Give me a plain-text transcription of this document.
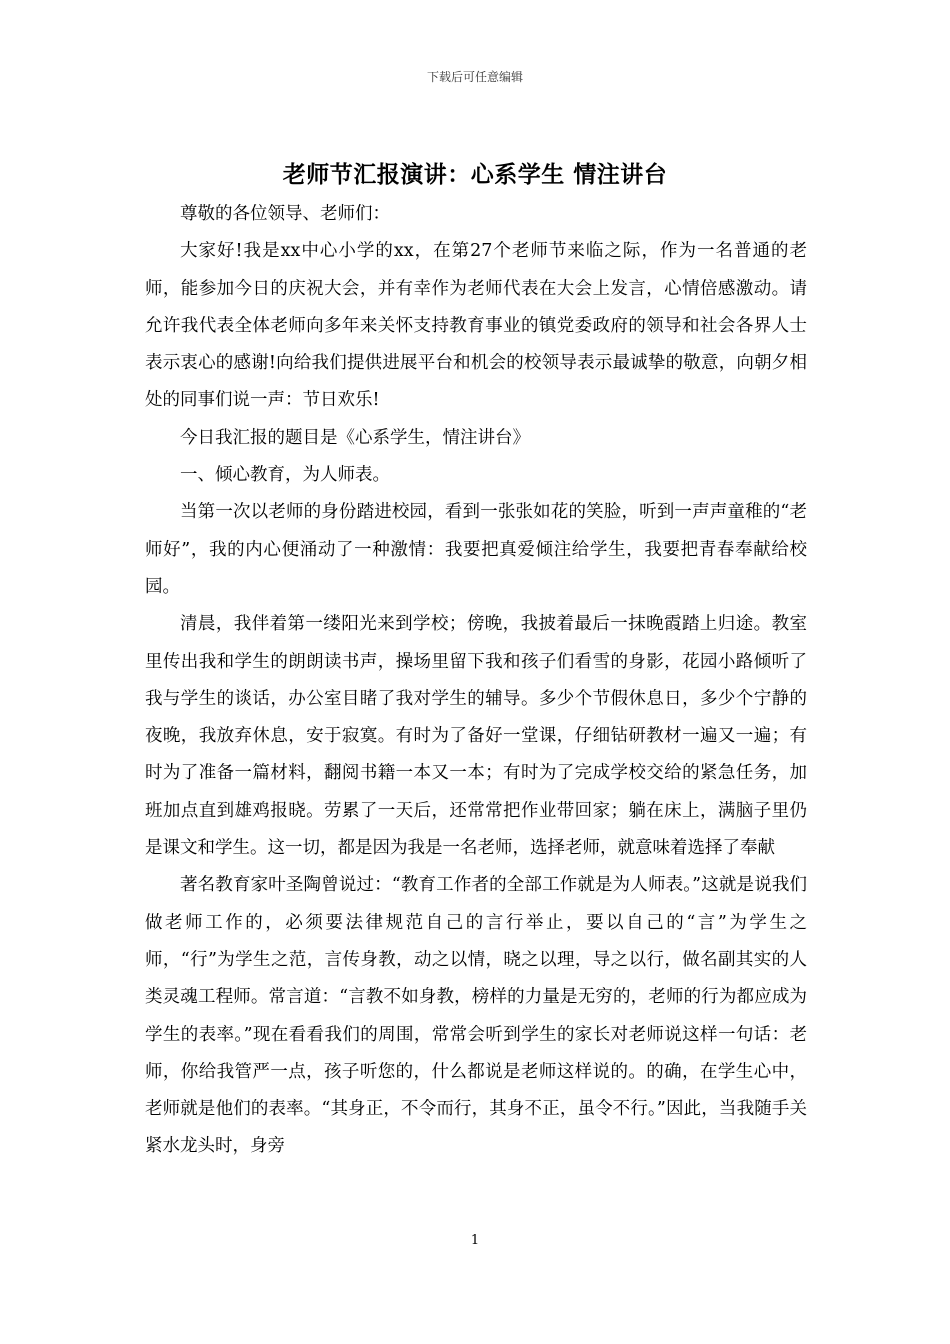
下载后可任意编辑
老师节汇报演讲：心系学生 情注讲台

尊敬的各位领导、老师们：

大家好!我是xx中心小学的xx，在第27个老师节来临之际，作为一名普通的老师，能参加今日的庆祝大会，并有幸作为老师代表在大会上发言，心情倍感激动。请允许我代表全体老师向多年来关怀支持教育事业的镇党委政府的领导和社会各界人士表示衷心的感谢!向给我们提供进展平台和机会的校领导表示最诚挚的敬意，向朝夕相处的同事们说一声：节日欢乐!

今日我汇报的题目是《心系学生，情注讲台》

一、倾心教育，为人师表。

当第一次以老师的身份踏进校园，看到一张张如花的笑脸，听到一声声童稚的“老师好”，我的内心便涌动了一种激情：我要把真爱倾注给学生，我要把青春奉献给校园。

清晨，我伴着第一缕阳光来到学校；傍晚，我披着最后一抹晚霞踏上归途。教室里传出我和学生的朗朗读书声，操场里留下我和孩子们看雪的身影，花园小路倾听了我与学生的谈话，办公室目睹了我对学生的辅导。多少个节假休息日，多少个宁静的夜晚，我放弃休息，安于寂寞。有时为了备好一堂课，仔细钻研教材一遍又一遍；有时为了准备一篇材料，翻阅书籍一本又一本；有时为了完成学校交给的紧急任务，加班加点直到雄鸡报晓。劳累了一天后，还常常把作业带回家；躺在床上，满脑子里仍是课文和学生。这一切，都是因为我是一名老师，选择老师，就意味着选择了奉献

著名教育家叶圣陶曾说过：“教育工作者的全部工作就是为人师表。”这就是说我们做老师工作的，必须要法律规范自己的言行举止，要以自己的“言”为学生之师，“行”为学生之范，言传身教，动之以情，晓之以理，导之以行，做名副其实的人类灵魂工程师。常言道：“言教不如身教，榜样的力量是无穷的，老师的行为都应成为学生的表率。”现在看看我们的周围，常常会听到学生的家长对老师说这样一句话：老师，你给我管严一点，孩子听您的，什么都说是老师这样说的。的确，在学生心中，老师就是他们的表率。“其身正，不令而行，其身不正，虽令不行。”因此，当我随手关紧水龙头时，身旁

1
